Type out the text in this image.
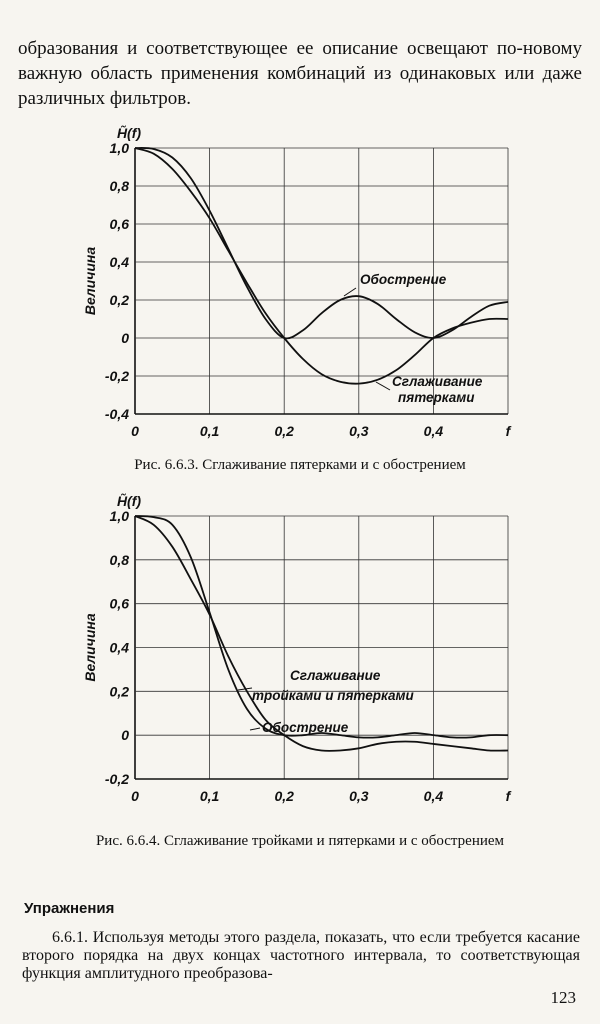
образования и соответствующее ее описание освещают по-новому важную область применения комбинаций из одинаковых или даже различных фильтров.

1,0
0,8
0,6
0,4
0,2
0
-0,2
-0,4
0	0,1	0,2	0,3	0,4	f
H̃(f)
Величина	Обострение
Сглаживание
пятерками

Рис. 6.6.3. Сглаживание пятерками и с обострением

1,0
0,8
0,6
0,4
0,2
0
-0,2
0	0,1	0,2	0,3	0,4	f
H̃(f)
Величина	Сглаживание
тройками и пятерками
Обострение

Рис. 6.6.4. Сглаживание тройками и пятерками и с обострением

Упражнения

6.6.1. Используя методы этого раздела, показать, что если требуется касание второго порядка на двух концах частотного интервала, то соответствующая функция амплитудного преобразова-

123
